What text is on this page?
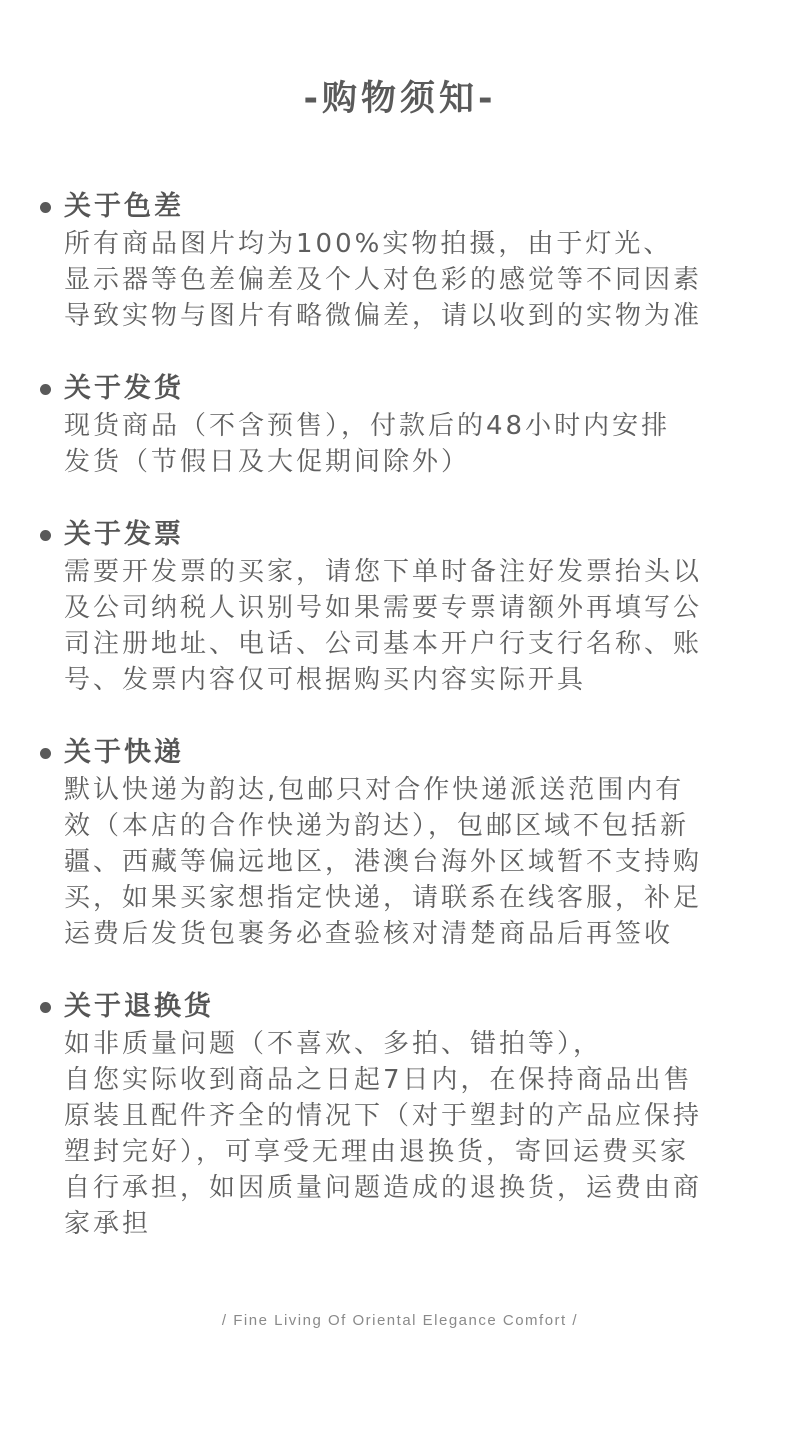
-购物须知-
关于色差
所有商品图片均为100%实物拍摄，由于灯光、
显示器等色差偏差及个人对色彩的感觉等不同因素
导致实物与图片有略微偏差，请以收到的实物为准
关于发货
现货商品（不含预售），付款后的48小时内安排
发货（节假日及大促期间除外）
关于发票
需要开发票的买家，请您下单时备注好发票抬头以
及公司纳税人识别号如果需要专票请额外再填写公
司注册地址、电话、公司基本开户行支行名称、账
号、发票内容仅可根据购买内容实际开具
关于快递
默认快递为韵达,包邮只对合作快递派送范围内有
效（本店的合作快递为韵达），包邮区域不包括新
疆、西藏等偏远地区，港澳台海外区域暂不支持购
买，如果买家想指定快递，请联系在线客服，补足
运费后发货包裹务必查验核对清楚商品后再签收
关于退换货
如非质量问题（不喜欢、多拍、错拍等），
自您实际收到商品之日起7日内，在保持商品出售
原装且配件齐全的情况下（对于塑封的产品应保持
塑封完好），可享受无理由退换货，寄回运费买家
自行承担，如因质量问题造成的退换货，运费由商
家承担
/ Fine Living Of Oriental Elegance Comfort /
